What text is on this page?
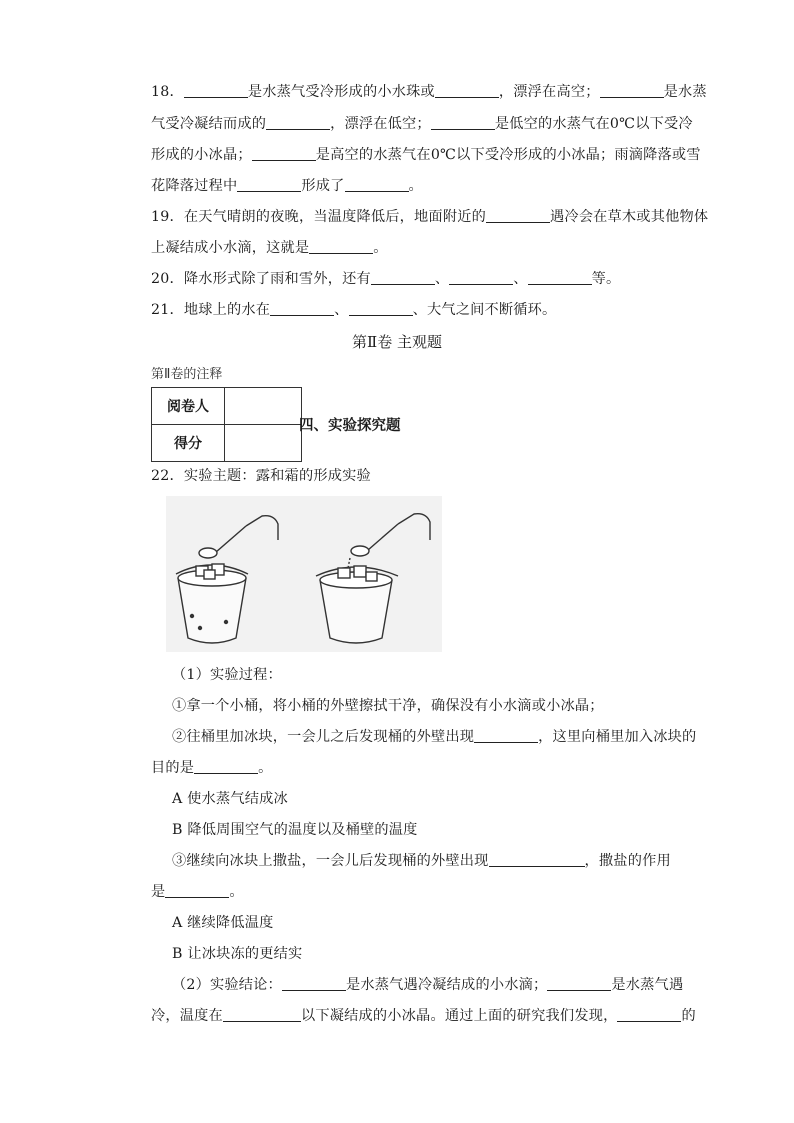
18．	是水蒸气受冷形成的小水珠或	，漂浮在高空；	是水蒸
气受冷凝结而成的	，漂浮在低空；	是低空的水蒸气在0℃以下受冷
形成的小冰晶；	是高空的水蒸气在0℃以下受冷形成的小冰晶；雨滴降落或雪
花降落过程中	形成了	。
19．在天气晴朗的夜晚，当温度降低后，地面附近的	遇冷会在草木或其他物体
上凝结成小水滴，这就是	。
20．降水形式除了雨和雪外，还有	、	、	等。
21．地球上的水在	、	、大气之间不断循环。
第Ⅱ卷 主观题
第Ⅱ卷的注释
阅卷人	
得分	
四、实验探究题
22．实验主题：露和霜的形成实验
（1）实验过程：
①拿一个小桶，将小桶的外壁擦拭干净，确保没有小水滴或小冰晶；
②往桶里加冰块，一会儿之后发现桶的外壁出现	，这里向桶里加入冰块的
目的是	。
A 使水蒸气结成冰
B 降低周围空气的温度以及桶壁的温度
③继续向冰块上撒盐，一会儿后发现桶的外壁出现	，撒盐的作用
是	。
A 继续降低温度
B 让冰块冻的更结实
（2）实验结论：	是水蒸气遇冷凝结成的小水滴；	是水蒸气遇
冷，温度在	以下凝结成的小冰晶。通过上面的研究我们发现，	的
